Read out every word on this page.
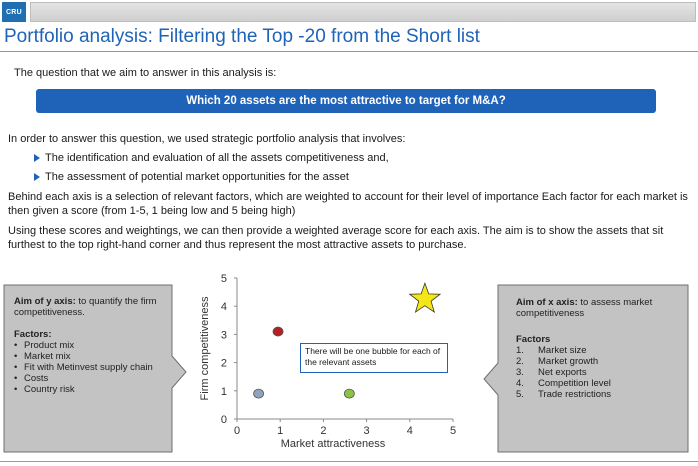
CRU
Portfolio analysis: Filtering the Top -20 from the Short list
The question that we aim to answer in this analysis is:
Which 20 assets are the most attractive to target for M&A?
In order to answer this question, we used strategic portfolio analysis that involves:
The identification and evaluation of all the assets competitiveness and,
The assessment of potential market opportunities for the asset
Behind each axis is a selection of relevant factors, which are weighted to account for their level of importance Each factor for each market is then given a score (from 1-5, 1 being low and 5 being high)
Using these scores and weightings, we can then provide a weighted average score for each axis. The aim is to show the assets that sit furthest to the top right-hand corner and thus represent the most attractive assets to purchase.
Aim of y axis: to quantify the firm competitiveness.
Factors:
• Product mix
• Market mix
• Fit with Metinvest supply chain
• Costs
• Country risk
Aim of x axis: to assess market competitiveness
Factors
1. Market size
2. Market growth
3. Net exports
4. Competition level
5. Trade restrictions
0	1	2	3	4	5
0
1
2
3
4
5
Market attractiveness
Firm competitiveness	There will be one bubble for each of the relevant assets
